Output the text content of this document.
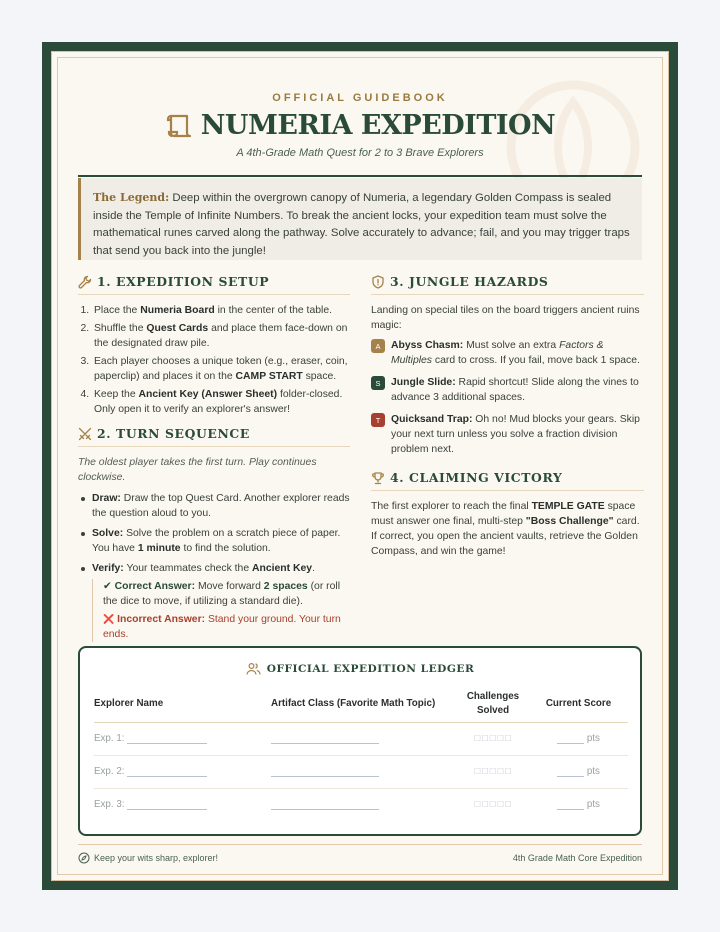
OFFICIAL GUIDEBOOK
NUMERIA EXPEDITION
A 4th-Grade Math Quest for 2 to 3 Brave Explorers
The Legend: Deep within the overgrown canopy of Numeria, a legendary Golden Compass is sealed inside the Temple of Infinite Numbers. To break the ancient locks, your expedition team must solve the mathematical runes carved along the pathway. Solve accurately to advance; fail, and you may trigger traps that send you back into the jungle!
1. EXPEDITION SETUP
1. Place the Numeria Board in the center of the table.
2. Shuffle the Quest Cards and place them face-down on the designated draw pile.
3. Each player chooses a unique token (e.g., eraser, coin, paperclip) and places it on the CAMP START space.
4. Keep the Ancient Key (Answer Sheet) folder-closed. Only open it to verify an explorer's answer!
2. TURN SEQUENCE
The oldest player takes the first turn. Play continues clockwise.
Draw: Draw the top Quest Card. Another explorer reads the question aloud to you.
Solve: Solve the problem on a scratch piece of paper. You have 1 minute to find the solution.
Verify: Your teammates check the Ancient Key.
✔ Correct Answer: Move forward 2 spaces (or roll the dice to move, if utilizing a standard die).
❌ Incorrect Answer: Stand your ground. Your turn ends.
3. JUNGLE HAZARDS
Landing on special tiles on the board triggers ancient ruins magic:
A	Abyss Chasm: Must solve an extra Factors & Multiples card to cross. If you fail, move back 1 space.
S	Jungle Slide: Rapid shortcut! Slide along the vines to advance 3 additional spaces.
T	Quicksand Trap: Oh no! Mud blocks your gears. Skip your next turn unless you solve a fraction division problem next.
4. CLAIMING VICTORY
The first explorer to reach the final TEMPLE GATE space must answer one final, multi-step "Boss Challenge" card. If correct, you open the ancient vaults, retrieve the Golden Compass, and win the game!
OFFICIAL EXPEDITION LEDGER
Explorer Name	Artifact Class (Favorite Math Topic)	Challenges Solved	Current Score
Exp. 1:		☐☐☐☐☐	pts
Exp. 2:		☐☐☐☐☐	pts
Exp. 3:		☐☐☐☐☐	pts
Keep your wits sharp, explorer!	4th Grade Math Core Expedition
